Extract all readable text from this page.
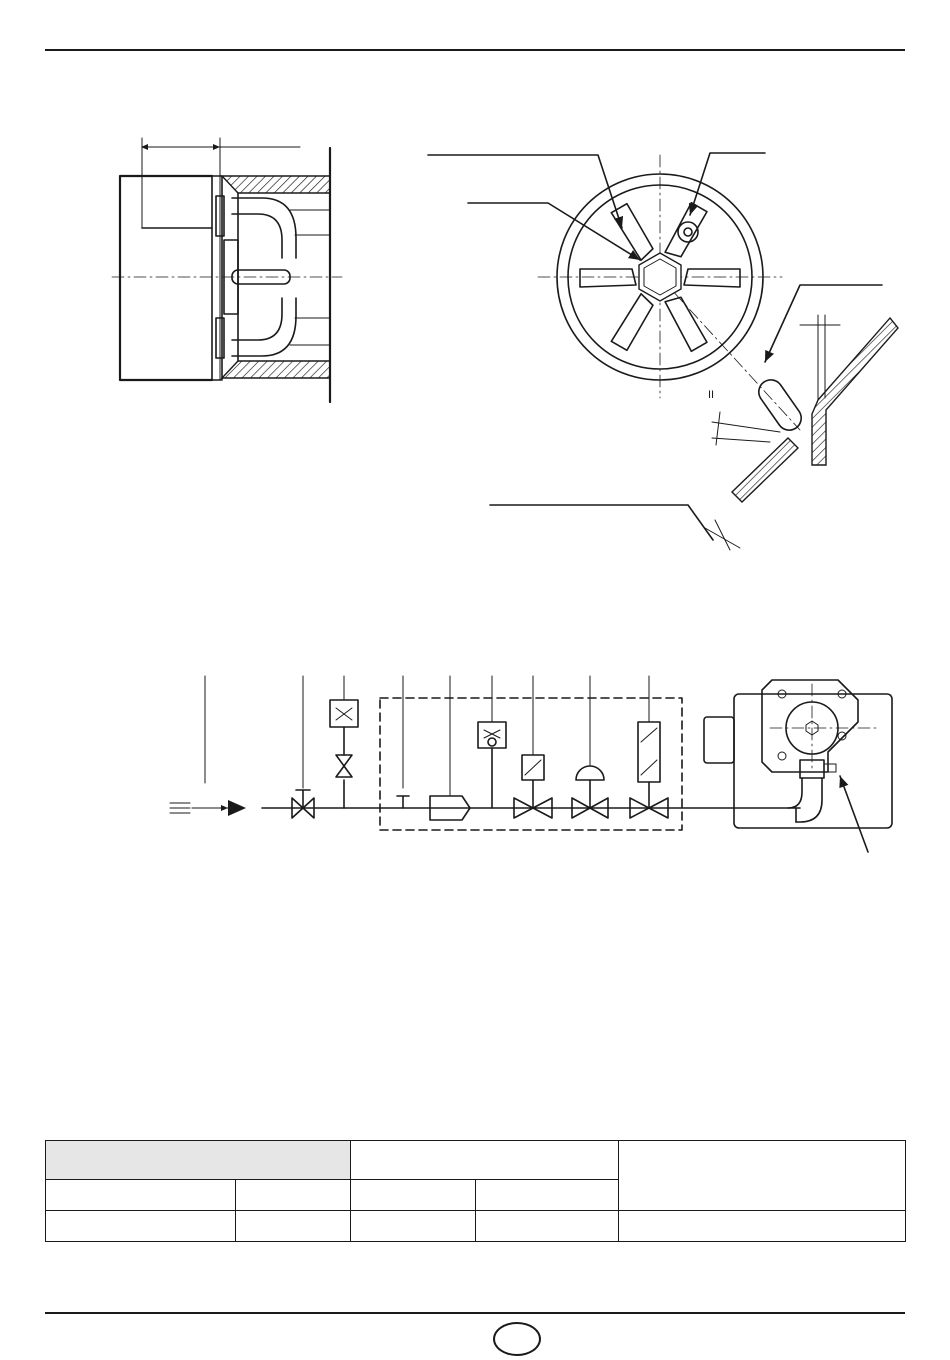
II
